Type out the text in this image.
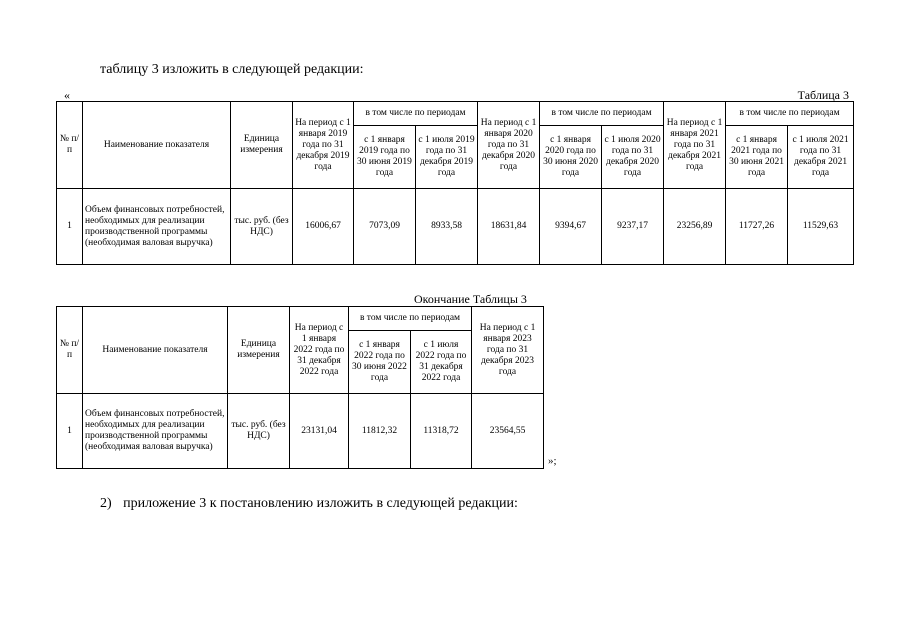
таблицу 3 изложить в следующей редакции:
«	Таблица 3
№ п/п	Наименование показателя	Единица измерения	На период с 1 января 2019 года по 31 декабря 2019 года	в том числе по периодам		На период с 1 января 2020 года по 31 декабря 2020 года	в том числе по периодам		На период с 1 января 2021 года по 31 декабря 2021 года	в том числе по периодам	
				с 1 января 2019 года по 30 июня 2019 года	с 1 июля 2019 года по 31 декабря 2019 года		с 1 января 2020 года по 30 июня 2020 года	с 1 июля 2020 года по 31 декабря 2020 года		с 1 января 2021 года по 30 июня 2021 года	с 1 июля 2021 года по 31 декабря 2021 года
1	Объем финансовых потребностей, необходимых для реализации производственной программы (необходимая валовая выручка)	тыс. руб. (без НДС)	16006,67	7073,09	8933,58	18631,84	9394,67	9237,17	23256,89	11727,26	11529,63
Окончание Таблицы 3
№ п/п	Наименование показателя	Единица измерения	На период с 1 января 2022 года по 31 декабря 2022 года	в том числе по периодам		На период с 1 января 2023 года по 31 декабря 2023 года
				с 1 января 2022 года по 30 июня 2022 года	с 1 июля 2022 года по 31 декабря 2022 года	
1	Объем финансовых потребностей, необходимых для реализации производственной программы (необходимая валовая выручка)	тыс. руб. (без НДС)	23131,04	11812,32	11318,72	23564,55
»;
2) приложение 3 к постановлению изложить в следующей редакции:
